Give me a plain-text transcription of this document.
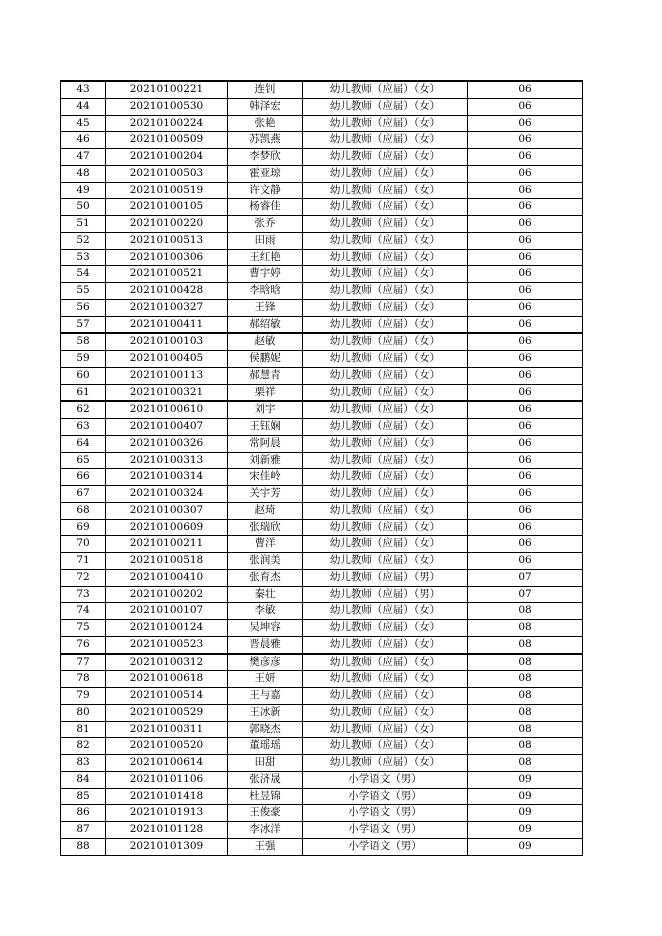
43	20210100221	连钊	幼儿教师（应届）（女）	06
44	20210100530	韩泽宏	幼儿教师（应届）（女）	06
45	20210100224	张艳	幼儿教师（应届）（女）	06
46	20210100509	苏凯燕	幼儿教师（应届）（女）	06
47	20210100204	李梦欣	幼儿教师（应届）（女）	06
48	20210100503	霍亚琼	幼儿教师（应届）（女）	06
49	20210100519	许文静	幼儿教师（应届）（女）	06
50	20210100105	杨睿佳	幼儿教师（应届）（女）	06
51	20210100220	张乔	幼儿教师（应届）（女）	06
52	20210100513	田雨	幼儿教师（应届）（女）	06
53	20210100306	王红艳	幼儿教师（应届）（女）	06
54	20210100521	曹宇婷	幼儿教师（应届）（女）	06
55	20210100428	李晗晗	幼儿教师（应届）（女）	06
56	20210100327	王锋	幼儿教师（应届）（女）	06
57	20210100411	郝绍敏	幼儿教师（应届）（女）	06
58	20210100103	赵敏	幼儿教师（应届）（女）	06
59	20210100405	侯鹏妮	幼儿教师（应届）（女）	06
60	20210100113	郝慧青	幼儿教师（应届）（女）	06
61	20210100321	栗祥	幼儿教师（应届）（女）	06
62	20210100610	刘宇	幼儿教师（应届）（女）	06
63	20210100407	王钰娴	幼儿教师（应届）（女）	06
64	20210100326	常阿晨	幼儿教师（应届）（女）	06
65	20210100313	刘新雅	幼儿教师（应届）（女）	06
66	20210100314	宋佳岭	幼儿教师（应届）（女）	06
67	20210100324	关宇芳	幼儿教师（应届）（女）	06
68	20210100307	赵琦	幼儿教师（应届）（女）	06
69	20210100609	张瑞欣	幼儿教师（应届）（女）	06
70	20210100211	曹洋	幼儿教师（应届）（女）	06
71	20210100518	张润美	幼儿教师（应届）（女）	06
72	20210100410	张育杰	幼儿教师（应届）（男）	07
73	20210100202	秦壮	幼儿教师（应届）（男）	07
74	20210100107	李敏	幼儿教师（应届）（女）	08
75	20210100124	吴坤容	幼儿教师（应届）（女）	08
76	20210100523	晋晨雅	幼儿教师（应届）（女）	08
77	20210100312	樊彦彦	幼儿教师（应届）（女）	08
78	20210100618	王妍	幼儿教师（应届）（女）	08
79	20210100514	王与嘉	幼儿教师（应届）（女）	08
80	20210100529	王冰新	幼儿教师（应届）（女）	08
81	20210100311	郭晓杰	幼儿教师（应届）（女）	08
82	20210100520	董瑶瑶	幼儿教师（应届）（女）	08
83	20210100614	田甜	幼儿教师（应届）（女）	08
84	20210101106	张济晟	小学语文（男）	09
85	20210101418	杜昱锦	小学语文（男）	09
86	20210101913	王俊豪	小学语文（男）	09
87	20210101128	李冰洋	小学语文（男）	09
88	20210101309	王强	小学语文（男）	09
